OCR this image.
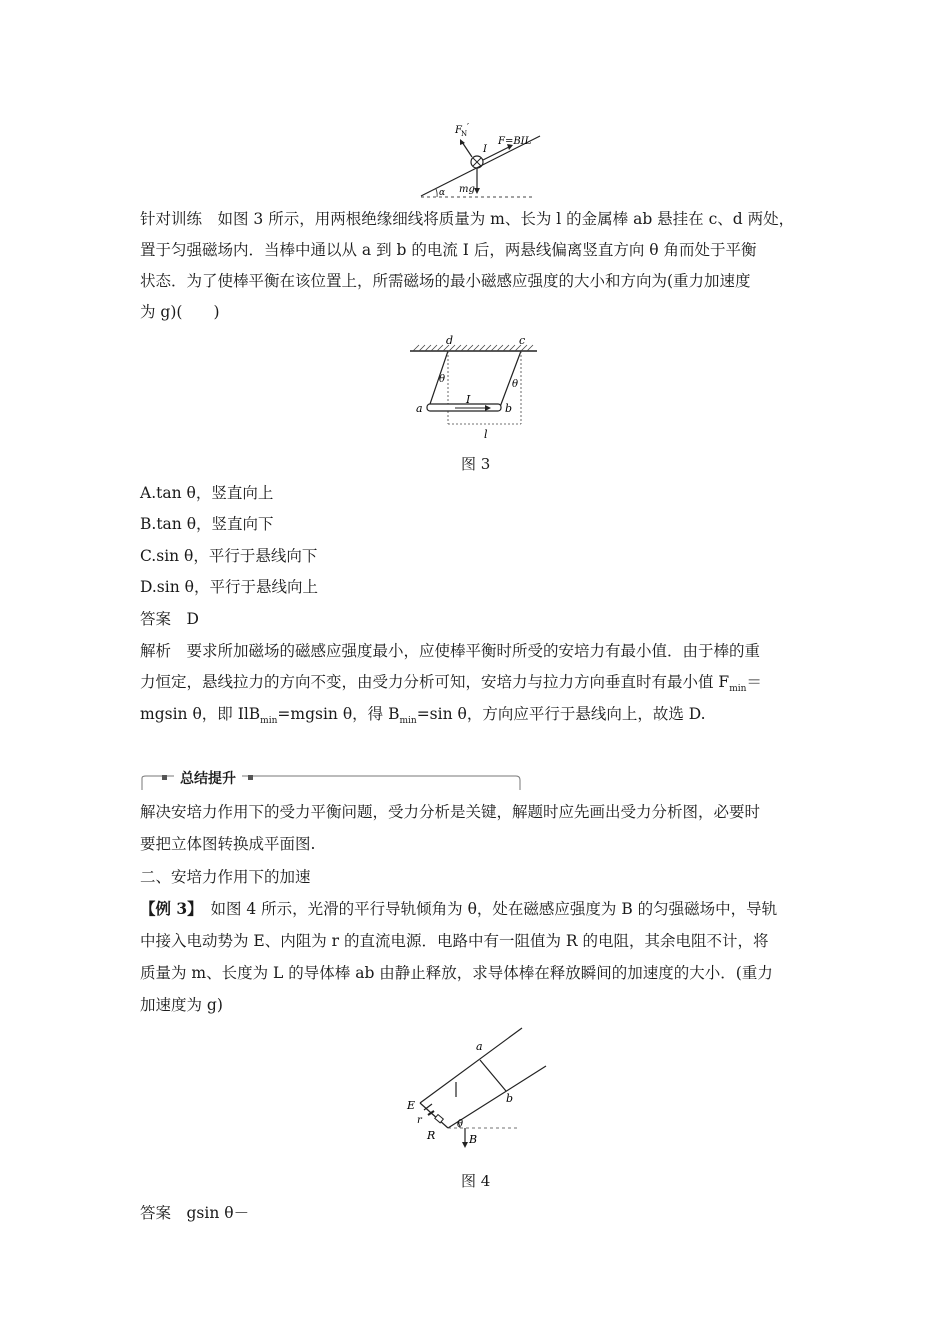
F N
′
I
F=BIL
mg
α
针对训练　如图 3 所示，用两根绝缘细线将质量为 m、长为 l 的金属棒 ab 悬挂在 c、d 两处，
置于匀强磁场内．当棒中通以从 a 到 b 的电流 I 后，两悬线偏离竖直方向 θ 角而处于平衡
状态．为了使棒平衡在该位置上，所需磁场的最小磁感应强度的大小和方向为(重力加速度
为 g)(　　)
d	c
θ	θ
a	b
I
l
图 3
A.tan θ，竖直向上
B.tan θ，竖直向下
C.sin θ，平行于悬线向下
D.sin θ，平行于悬线向上
答案　D
解析　要求所加磁场的磁感应强度最小，应使棒平衡时所受的安培力有最小值．由于棒的重
力恒定，悬线拉力的方向不变，由受力分析可知，安培力与拉力方向垂直时有最小值 $F_{min}=$
mgsin θ，即 IlB$_{min}$=mgsin θ，得 $B_{min}=\sin$ θ，方向应平行于悬线向上，故选 D.
总结提升
解决安培力作用下的受力平衡问题，受力分析是关键，解题时应先画出受力分析图，必要时
要把立体图转换成平面图.
二、安培力作用下的加速
【例 3】　如图 4 所示，光滑的平行导轨倾角为 θ，处在磁感应强度为 B 的匀强磁场中，导轨
中接入电动势为 E、内阻为 r 的直流电源．电路中有一阻值为 R 的电阻，其余电阻不计，将
质量为 m、长度为 L 的导体棒 ab 由静止释放，求导体棒在释放瞬间的加速度的大小．(重力
加速度为 g)
a
b
E
r
R
θ
B
图 4
答案　gsin θ－
